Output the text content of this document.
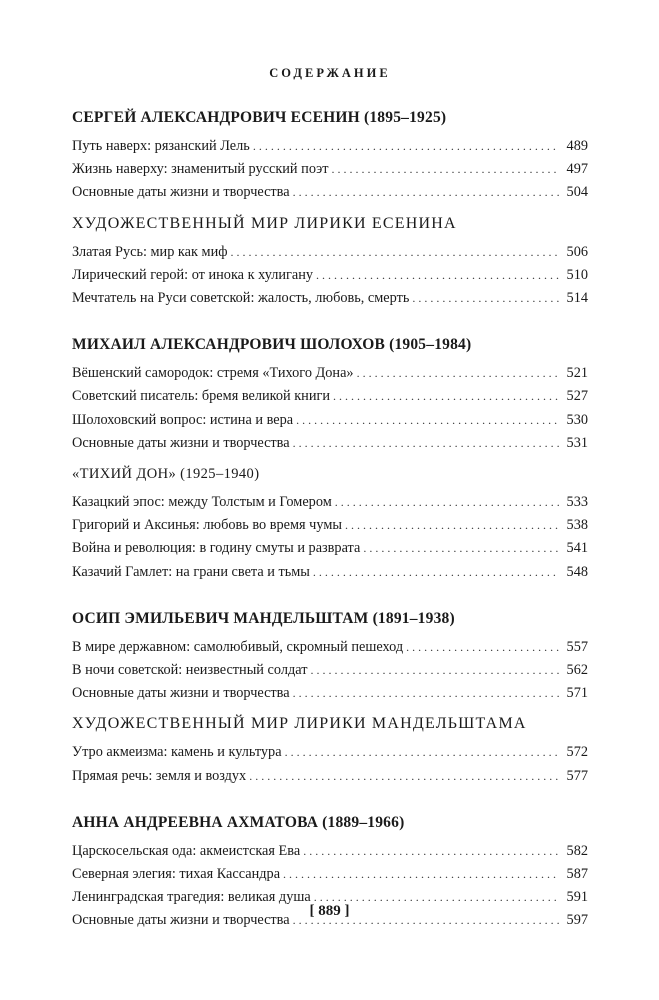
СОДЕРЖАНИЕ
СЕРГЕЙ АЛЕКСАНДРОВИЧ ЕСЕНИН (1895–1925)
Путь наверх: рязанский Лель . . .	489
Жизнь наверху: знаменитый русский поэт . . .	497
Основные даты жизни и творчества . . .	504
ХУДОЖЕСТВЕННЫЙ МИР ЛИРИКИ ЕСЕНИНА
Златая Русь: мир как миф . . .	506
Лирический герой: от инока к хулигану . . .	510
Мечтатель на Руси советской: жалость, любовь, смерть . . .	514
МИХАИЛ АЛЕКСАНДРОВИЧ ШОЛОХОВ (1905–1984)
Вёшенский самородок: стремя «Тихого Дона» . . .	521
Советский писатель: бремя великой книги . . .	527
Шолоховский вопрос: истина и вера . . .	530
Основные даты жизни и творчества . . .	531
«ТИХИЙ ДОН» (1925–1940)
Казацкий эпос: между Толстым и Гомером . . .	533
Григорий и Аксинья: любовь во время чумы . . .	538
Война и революция: в годину смуты и разврата . . .	541
Казачий Гамлет: на грани света и тьмы . . .	548
ОСИП ЭМИЛЬЕВИЧ МАНДЕЛЬШТАМ (1891–1938)
В мире державном: самолюбивый, скромный пешеход . . .	557
В ночи советской: неизвестный солдат . . .	562
Основные даты жизни и творчества . . .	571
ХУДОЖЕСТВЕННЫЙ МИР ЛИРИКИ МАНДЕЛЬШТАМА
Утро акмеизма: камень и культура . . .	572
Прямая речь: земля и воздух . . .	577
АННА АНДРЕЕВНА АХМАТОВА (1889–1966)
Царскосельская ода: акмеистская Ева . . .	582
Северная элегия: тихая Кассандра . . .	587
Ленинградская трагедия: великая душа . . .	591
Основные даты жизни и творчества . . .	597
[ 889 ]
